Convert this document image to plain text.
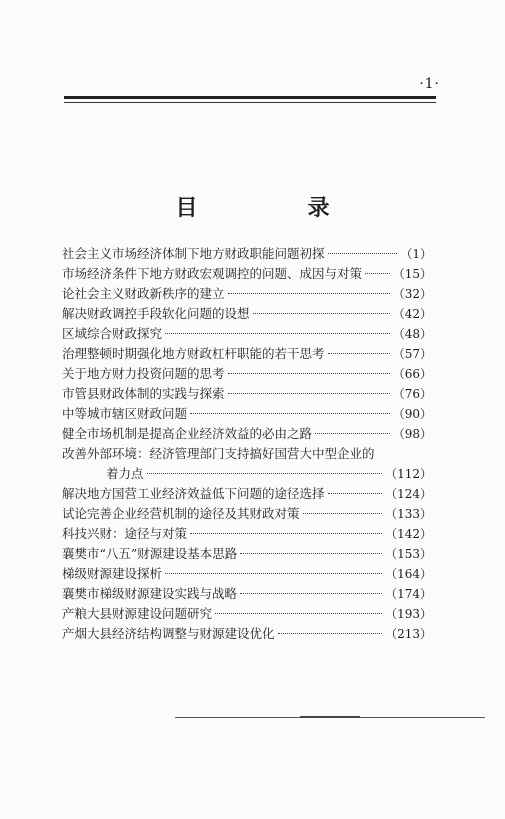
·1·
目　录
社会主义市场经济体制下地方财政职能问题初探	（1）
市场经济条件下地方财政宏观调控的问题、成因与对策	（15）
论社会主义财政新秩序的建立	（32）
解决财政调控手段软化问题的设想	（42）
区域综合财政探究	（48）
治理整顿时期强化地方财政杠杆职能的若干思考	（57）
关于地方财力投资问题的思考	（66）
市管县财政体制的实践与探索	（76）
中等城市辖区财政问题	（90）
健全市场机制是提高企业经济效益的必由之路	（98）
改善外部环境：经济管理部门支持搞好国营大中型企业的
着力点	（112）
解决地方国营工业经济效益低下问题的途径选择	（124）
试论完善企业经营机制的途径及其财政对策	（133）
科技兴财：途径与对策	（142）
襄樊市“八五”财源建设基本思路	（153）
梯级财源建设探析	（164）
襄樊市梯级财源建设实践与战略	（174）
产粮大县财源建设问题研究	（193）
产烟大县经济结构调整与财源建设优化	（213）
